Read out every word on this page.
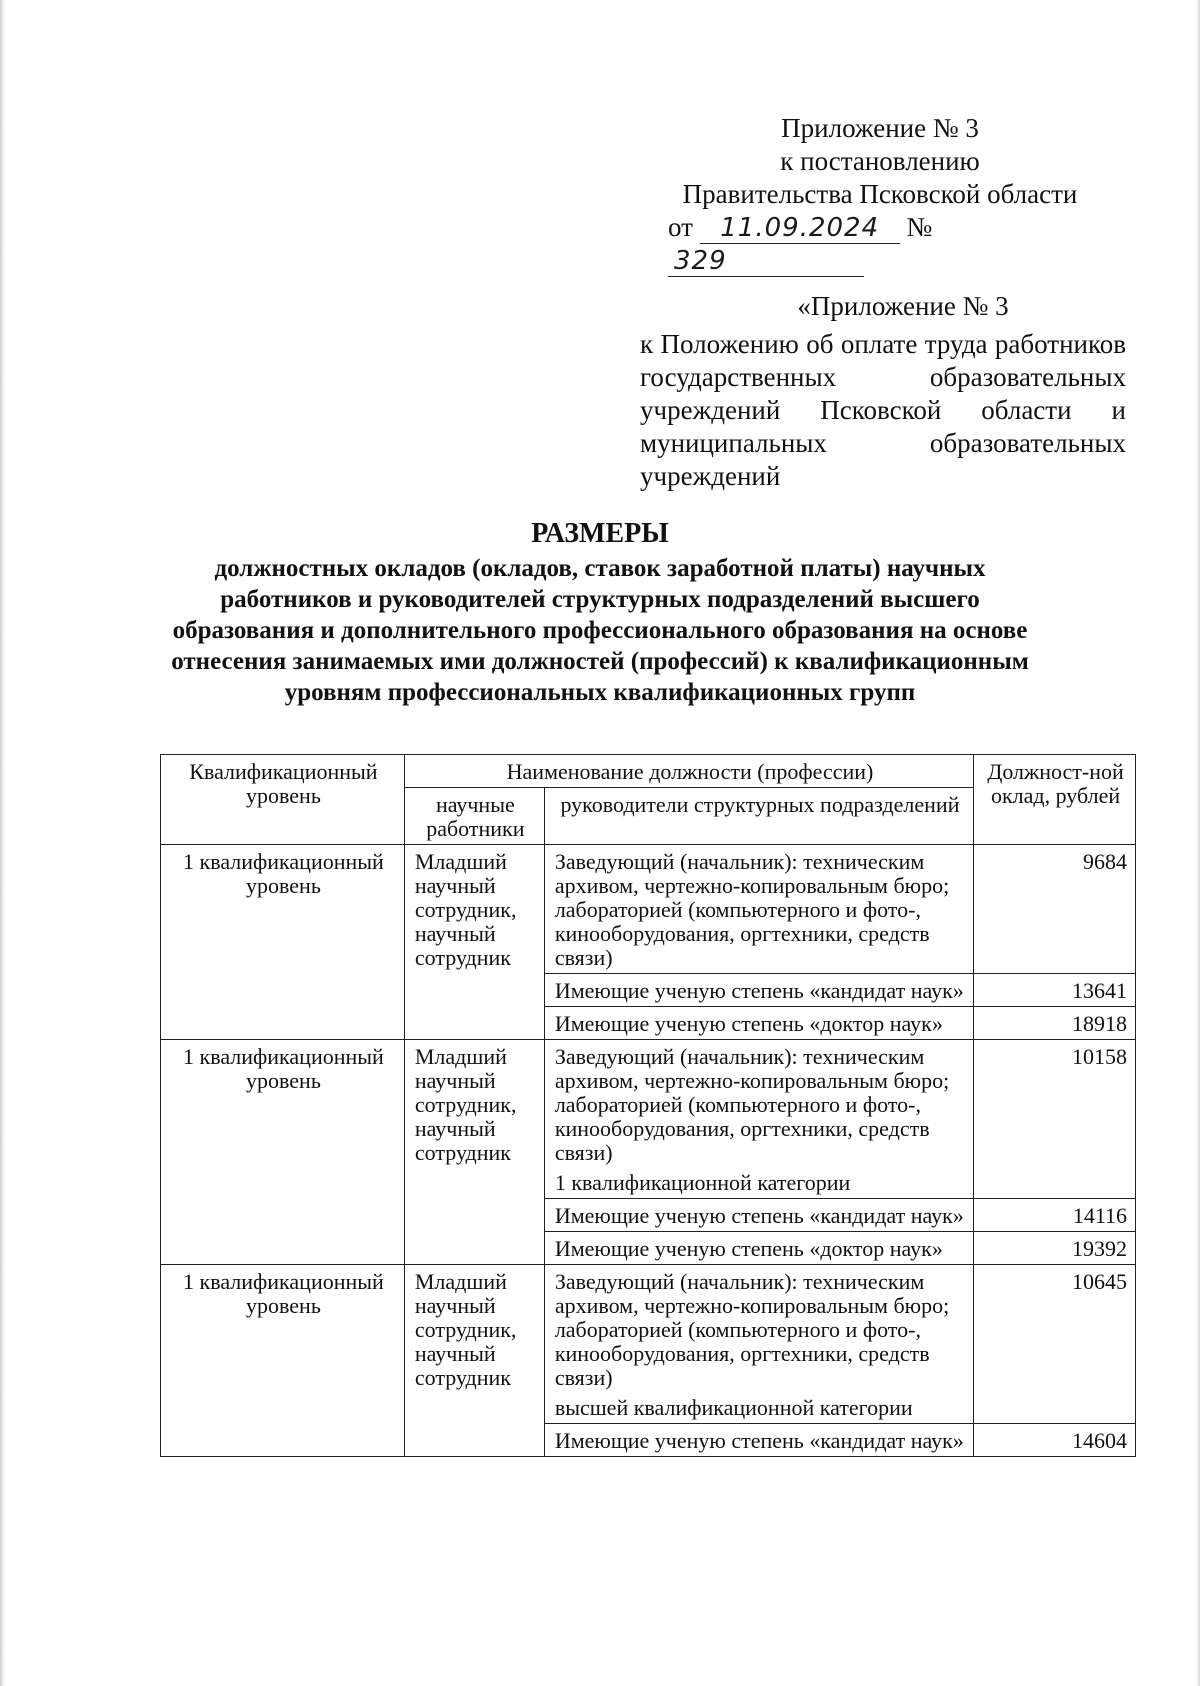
Приложение № 3
к постановлению
Правительства Псковской области
от 11.09.2024 № 329
«Приложение № 3
к Положению об оплате труда работников государственных образовательных учреждений Псковской области и муниципальных образовательных учреждений
РАЗМЕРЫ
должностных окладов (окладов, ставок заработной платы) научных работников и руководителей структурных подразделений высшего образования и дополнительного профессионального образования на основе отнесения занимаемых ими должностей (профессий) к квалификационным уровням профессиональных квалификационных групп
Квалификационный уровень	Наименование должности (профессии)		Должност-ной оклад, рублей
	научные работники	руководители структурных подразделений	
1 квалификационный уровень	Младший научный сотрудник, научный сотрудник	Заведующий (начальник): техническим архивом, чертежно-копировальным бюро; лабораторией (компьютерного и фото-, кинооборудования, оргтехники, средств связи)	9684
		Имеющие ученую степень «кандидат наук»	13641
		Имеющие ученую степень «доктор наук»	18918
1 квалификационный уровень	Младший научный сотрудник, научный сотрудник	Заведующий (начальник): техническим архивом, чертежно-копировальным бюро; лабораторией (компьютерного и фото-, кинооборудования, оргтехники, средств связи)
1 квалификационной категории	10158
		Имеющие ученую степень «кандидат наук»	14116
		Имеющие ученую степень «доктор наук»	19392
1 квалификационный уровень	Младший научный сотрудник, научный сотрудник	Заведующий (начальник): техническим архивом, чертежно-копировальным бюро; лабораторией (компьютерного и фото-, кинооборудования, оргтехники, средств связи)
высшей квалификационной категории	10645
		Имеющие ученую степень «кандидат наук»	14604
